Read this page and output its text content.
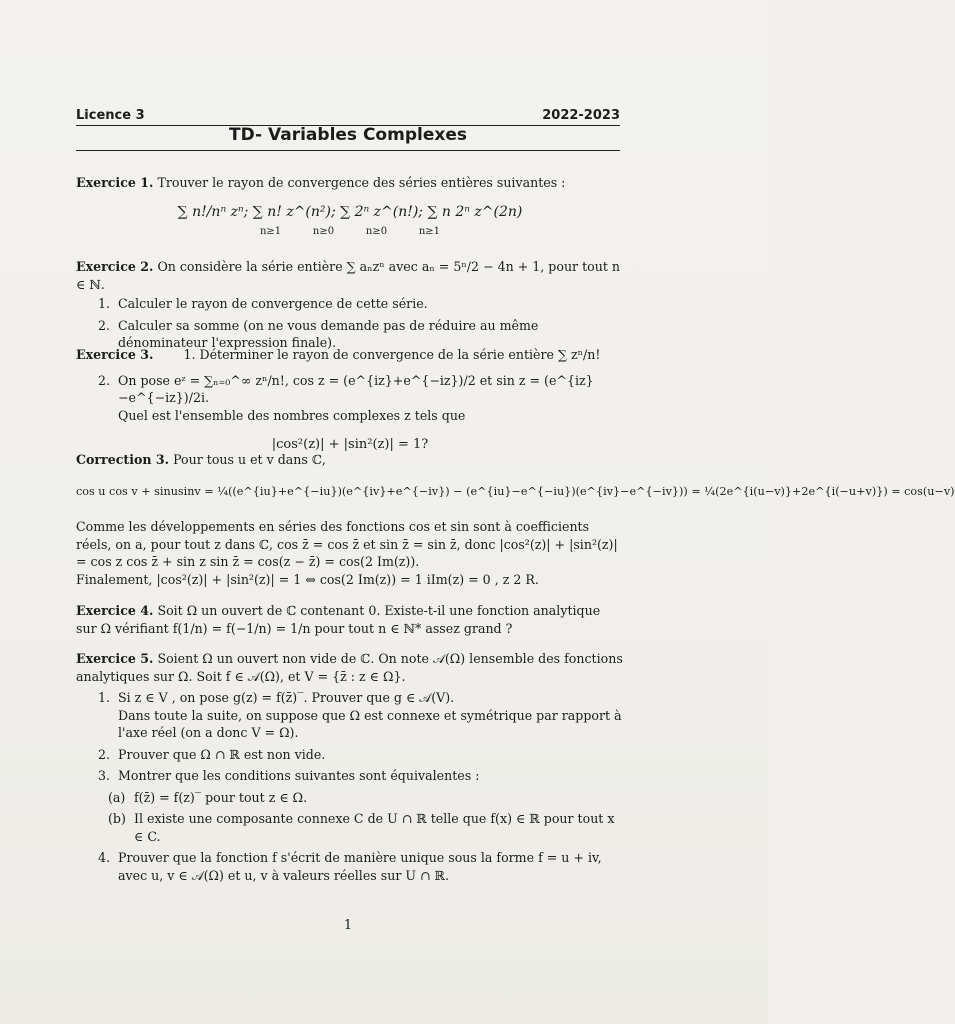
Licence 3	2022-2023
TD- Variables Complexes
Exercice 1. Trouver le rayon de convergence des séries entières suivantes :
∑ n!/nⁿ zⁿ; ∑ n! z^(n²); ∑ 2ⁿ z^(n!); ∑ n 2ⁿ z^(2n)
n≥1          n≥0          n≥0          n≥1
Exercice 2. On considère la série entière ∑ aₙzⁿ avec aₙ = 5ⁿ/2 − 4n + 1, pour tout n ∈ ℕ.
1. Calculer le rayon de convergence de cette série.
2. Calculer sa somme (on ne vous demande pas de réduire au même dénominateur l'expression finale).
Exercice 3. 1. Déterminer le rayon de convergence de la série entière ∑ zⁿ/n!
2. On pose eᶻ = ∑ₙ₌₀^∞ zⁿ/n!, cos z = (e^{iz}+e^{−iz})/2 et sin z = (e^{iz}−e^{−iz})/2i.
Quel est l'ensemble des nombres complexes z tels que
|cos²(z)| + |sin²(z)| = 1?
Correction 3. Pour tous u et v dans ℂ,
cos u cos v + sinusinv = ¼((e^{iu}+e^{−iu})(e^{iv}+e^{−iv}) − (e^{iu}−e^{−iu})(e^{iv}−e^{−iv})) = ¼(2e^{i(u−v)}+2e^{i(−u+v)}) = cos(u−v)
Comme les développements en séries des fonctions cos et sin sont à coefficients réels, on a, pour tout z dans ℂ, cos z̄ = cos z̄ et sin z̄ = sin z̄, donc |cos²(z)| + |sin²(z)| = cos z cos z̄ + sin z sin z̄ = cos(z − z̄) = cos(2 Im(z)).
Finalement, |cos²(z)| + |sin²(z)| = 1 ⇔ cos(2 Im(z)) = 1 iIm(z) = 0 , z 2 R.
Exercice 4. Soit Ω un ouvert de ℂ contenant 0. Existe-t-il une fonction analytique sur Ω vérifiant f(1/n) = f(−1/n) = 1/n pour tout n ∈ ℕ* assez grand ?
Exercice 5. Soient Ω un ouvert non vide de ℂ. On note 𝒜(Ω) lensemble des fonctions analytiques sur Ω. Soit f ∈ 𝒜(Ω), et V = {z̄ : z ∈ Ω}.
1. Si z ∈ V , on pose g(z) = f(z̄)‾. Prouver que g ∈ 𝒜(V).
Dans toute la suite, on suppose que Ω est connexe et symétrique par rapport à l'axe réel (on a donc V = Ω).
2. Prouver que Ω ∩ ℝ est non vide.
3. Montrer que les conditions suivantes sont équivalentes :
(a) f(z̄) = f(z)‾ pour tout z ∈ Ω.
(b) Il existe une composante connexe C de U ∩ ℝ telle que f(x) ∈ ℝ pour tout x ∈ C.
4. Prouver que la fonction f s'écrit de manière unique sous la forme f = u + iv, avec u, v ∈ 𝒜(Ω) et u, v à valeurs réelles sur U ∩ ℝ.
1
